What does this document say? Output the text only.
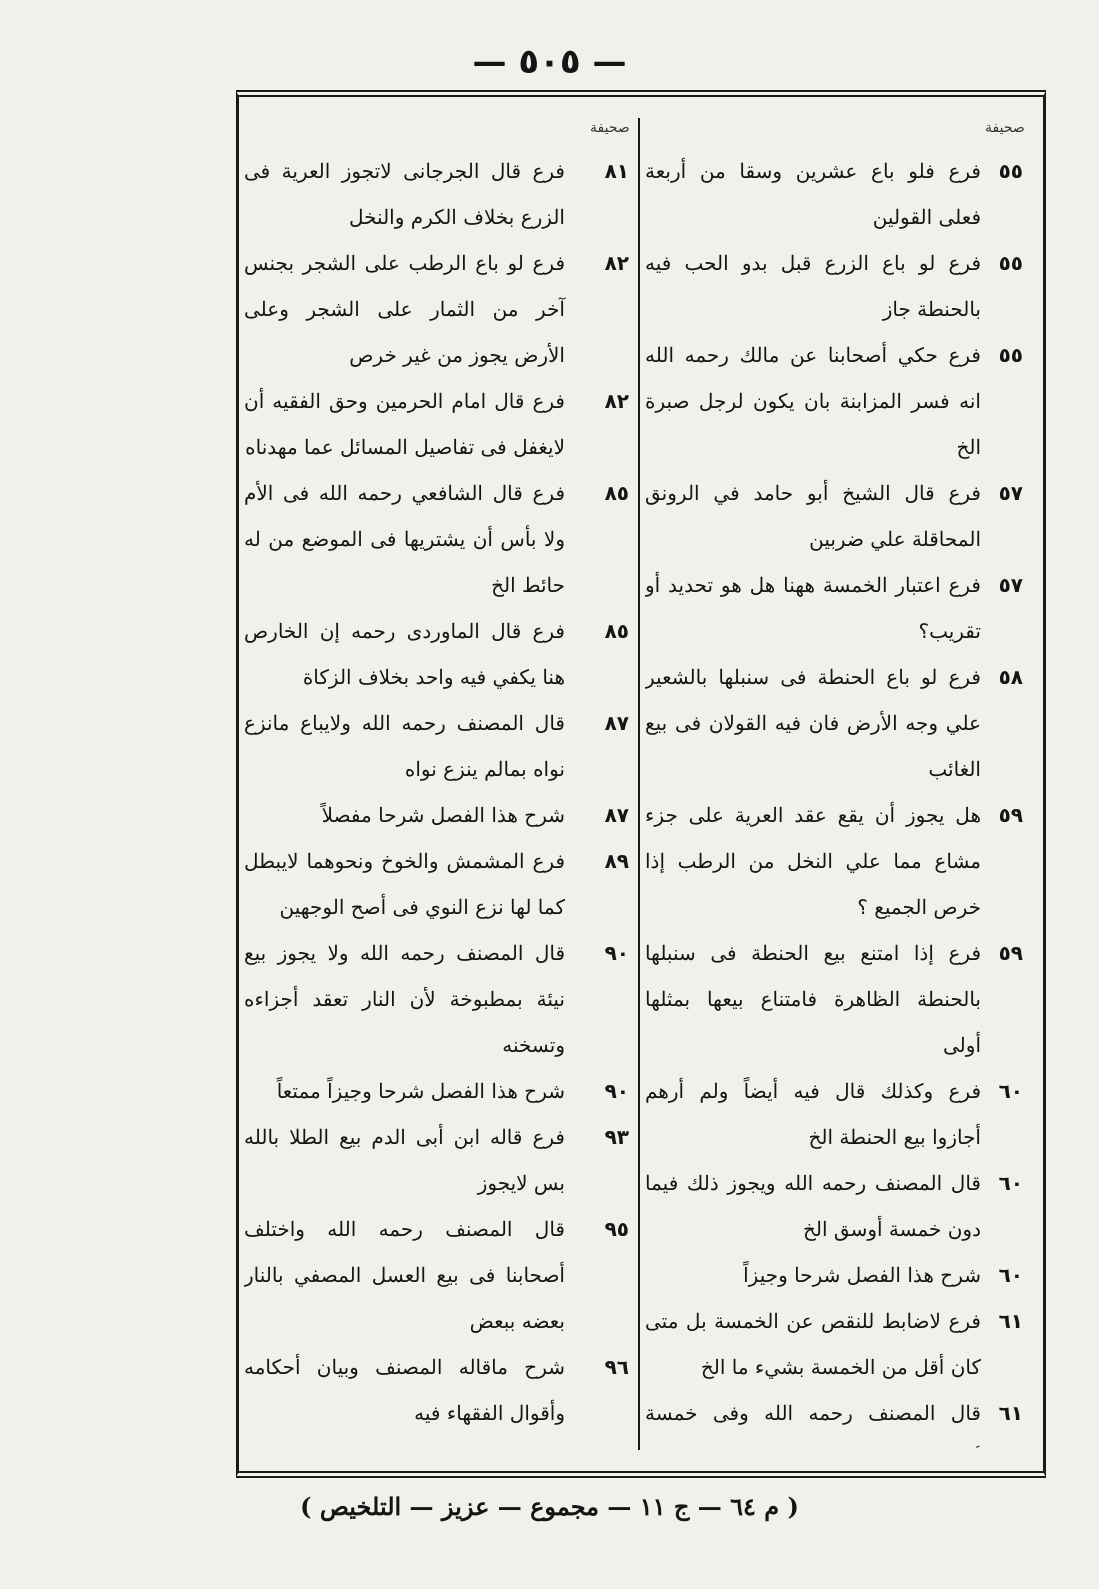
— ٥٠٥ —
صحيفة
صحيفة
٥٥
فرع فلو باع عشرين وسقا من أربعة فعلى القولين
٥٥
فرع لو باع الزرع قبل بدو الحب فيه بالحنطة جاز
٥٥
فرع حكي أصحابنا عن مالك رحمه الله انه فسر المزابنة بان يكون لرجل صبرة الخ
٥٧
فرع قال الشيخ أبو حامد في الرونق المحاقلة علي ضربين
٥٧
فرع اعتبار الخمسة ههنا هل هو تحديد أو تقريب؟
٥٨
فرع لو باع الحنطة فى سنبلها بالشعير علي وجه الأرض فان فيه القولان فى بيع الغائب
٥٩
هل يجوز أن يقع عقد العرية على جزء مشاع مما علي النخل من الرطب إذا خرص الجميع ؟
٥٩
فرع إذا امتنع بيع الحنطة فى سنبلها بالحنطة الظاهرة فامتناع بيعها بمثلها أولى
٦٠
فرع وكذلك قال فيه أيضاً ولم أرهم أجازوا بيع الحنطة الخ
٦٠
قال المصنف رحمه الله ويجوز ذلك فيما دون خمسة أوسق الخ
٦٠
شرح هذا الفصل شرحا وجيزاً
٦١
فرع لاضابط للنقص عن الخمسة بل متى كان أقل من الخمسة بشيء ما الخ
٦١
قال المصنف رحمه الله وفى خمسة
٨١
فرع قال الجرجانى لاتجوز العرية فى الزرع بخلاف الكرم والنخل
٨٢
فرع لو باع الرطب على الشجر بجنس آخر من الثمار على الشجر وعلى الأرض يجوز من غير خرص
٨٢
فرع قال امام الحرمين وحق الفقيه أن لايغفل فى تفاصيل المسائل عما مهدناه
٨٥
فرع قال الشافعي رحمه الله فى الأم ولا بأس أن يشتريها فى الموضع من له حائط الخ
٨٥
فرع قال الماوردى رحمه إن الخارص هنا يكفي فيه واحد بخلاف الزكاة
٨٧
قال المصنف رحمه الله ولايباع مانزع نواه بمالم ينزع نواه
٨٧
شرح هذا الفصل شرحا مفصلاً
٨٩
فرع المشمش والخوخ ونحوهما لايبطل كما لها نزع النوي فى أصح الوجهين
٩٠
قال المصنف رحمه الله ولا يجوز بيع نيئة بمطبوخة لأن النار تعقد أجزاءه وتسخنه
٩٠
شرح هذا الفصل شرحا وجيزاً ممتعاً
٩٣
فرع قاله ابن أبى الدم بيع الطلا بالله بس لايجوز
٩٥
قال المصنف رحمه الله واختلف أصحابنا فى بيع العسل المصفي بالنار بعضه ببعض
٩٦
شرح ماقاله المصنف وبيان أحكامه وأقوال الفقهاء فيه
( م ٦٤ — ج ١١ — مجموع — عزيز — التلخيص )
